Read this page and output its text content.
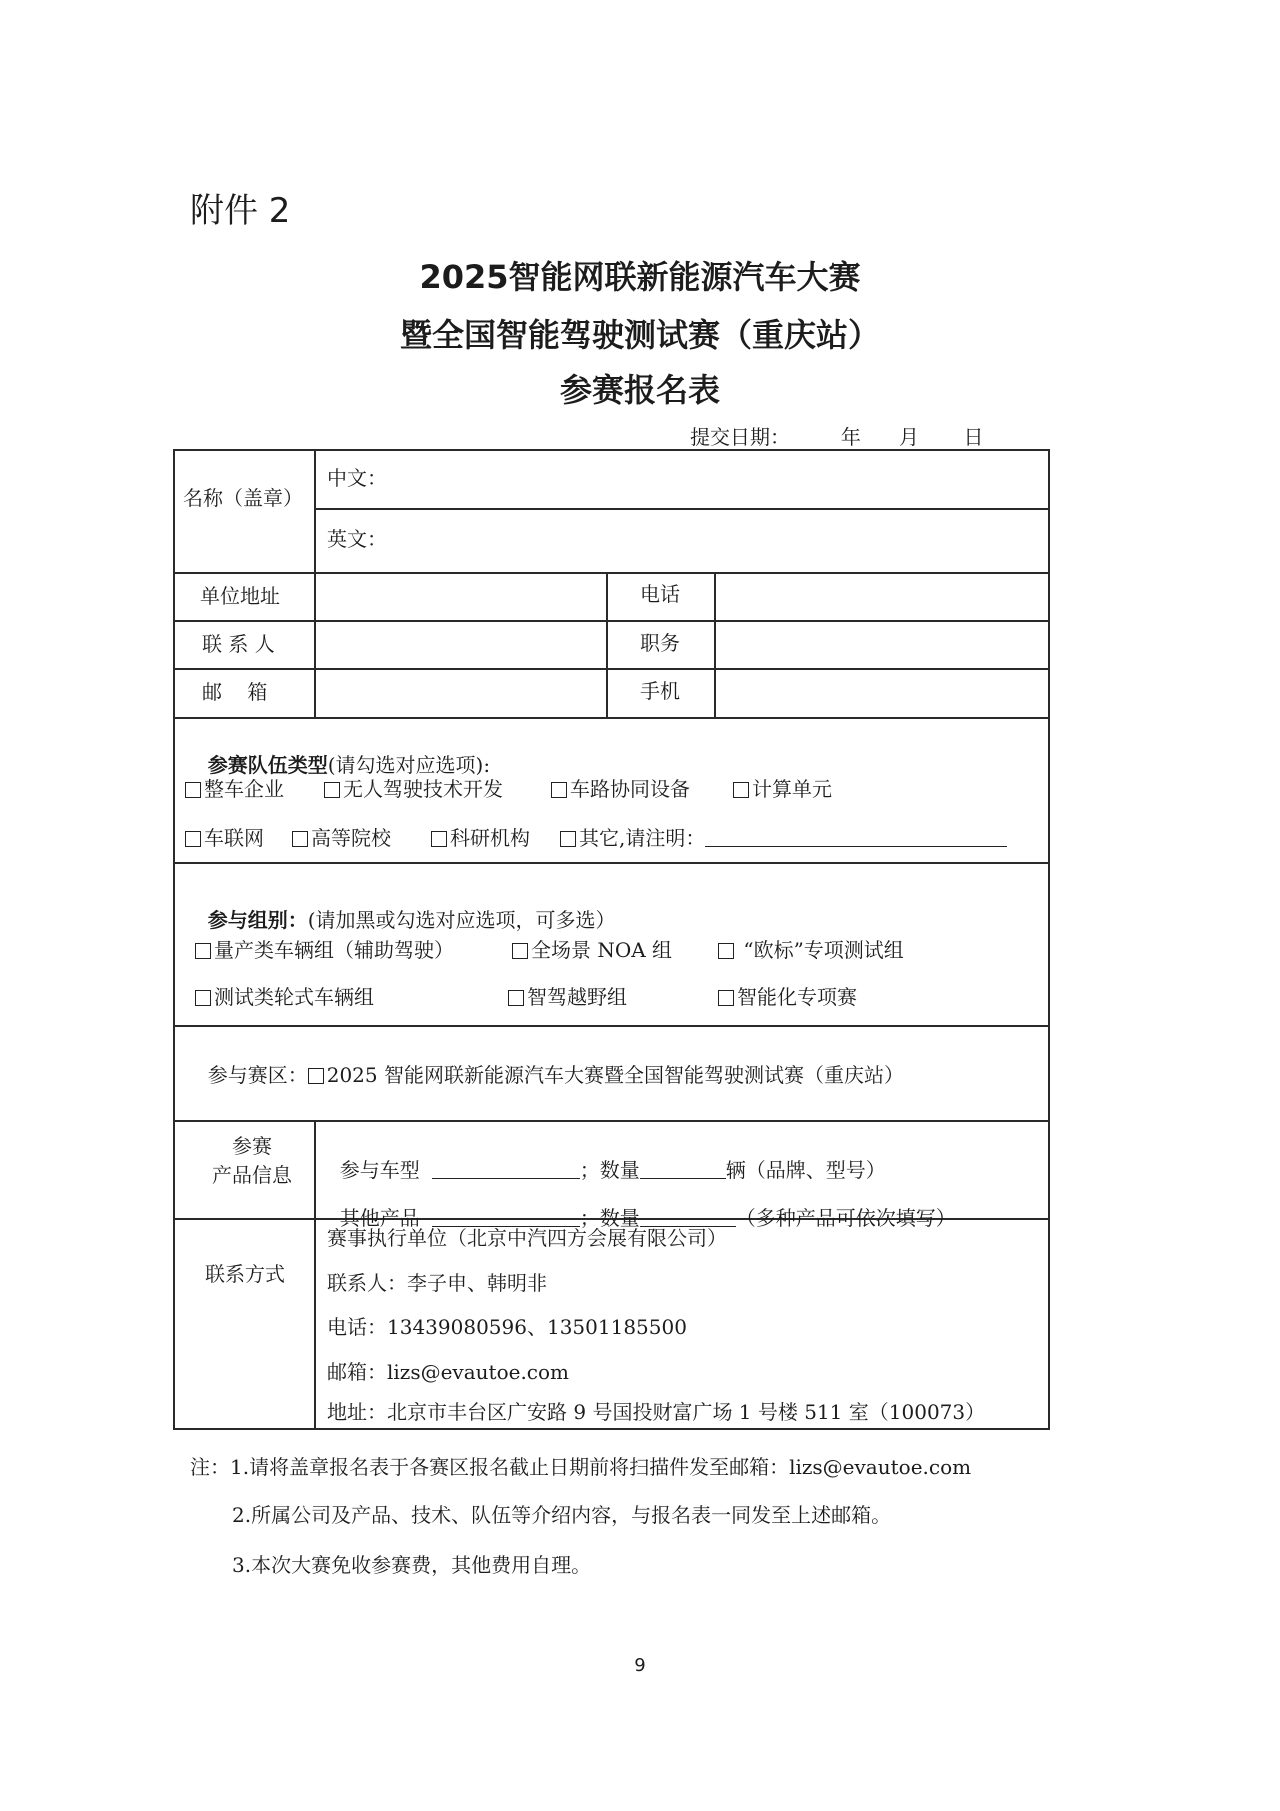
附件 2
2025智能网联新能源汽车大赛
暨全国智能驾驶测试赛（重庆站）
参赛报名表
提交日期：        年      月       日
名称（盖章）
中文：
英文：
单位地址	电话
联 系 人	职务
邮    箱	手机

参赛队伍类型(请勾选对应选项):

整车企业	无人驾驶技术开发	车路协同设备	计算单元
车联网	高等院校	科研机构	其它,请注明：

参与组别：(请加黑或勾选对应选项，可多选）

量产类车辆组（辅助驾驶）	全场景 NOA 组	“欧标”专项测试组
测试类轮式车辆组	智驾越野组	智能化专项赛

参与赛区： 2025 智能网联新能源汽车大赛暨全国智能驾驶测试赛（重庆站）

参赛
产品信息	参与车型	；数量	辆（品牌、型号）

其他产品	；数量	（多种产品可依次填写）

联系方式
赛事执行单位（北京中汽四方会展有限公司）
联系人：李子申、韩明非
电话：13439080596、13501185500
邮箱：lizs@evautoe.com
地址：北京市丰台区广安路 9 号国投财富广场 1 号楼 511 室（100073）
注：1.请将盖章报名表于各赛区报名截止日期前将扫描件发至邮箱：lizs@evautoe.com
2.所属公司及产品、技术、队伍等介绍内容，与报名表一同发至上述邮箱。
3.本次大赛免收参赛费，其他费用自理。
9
